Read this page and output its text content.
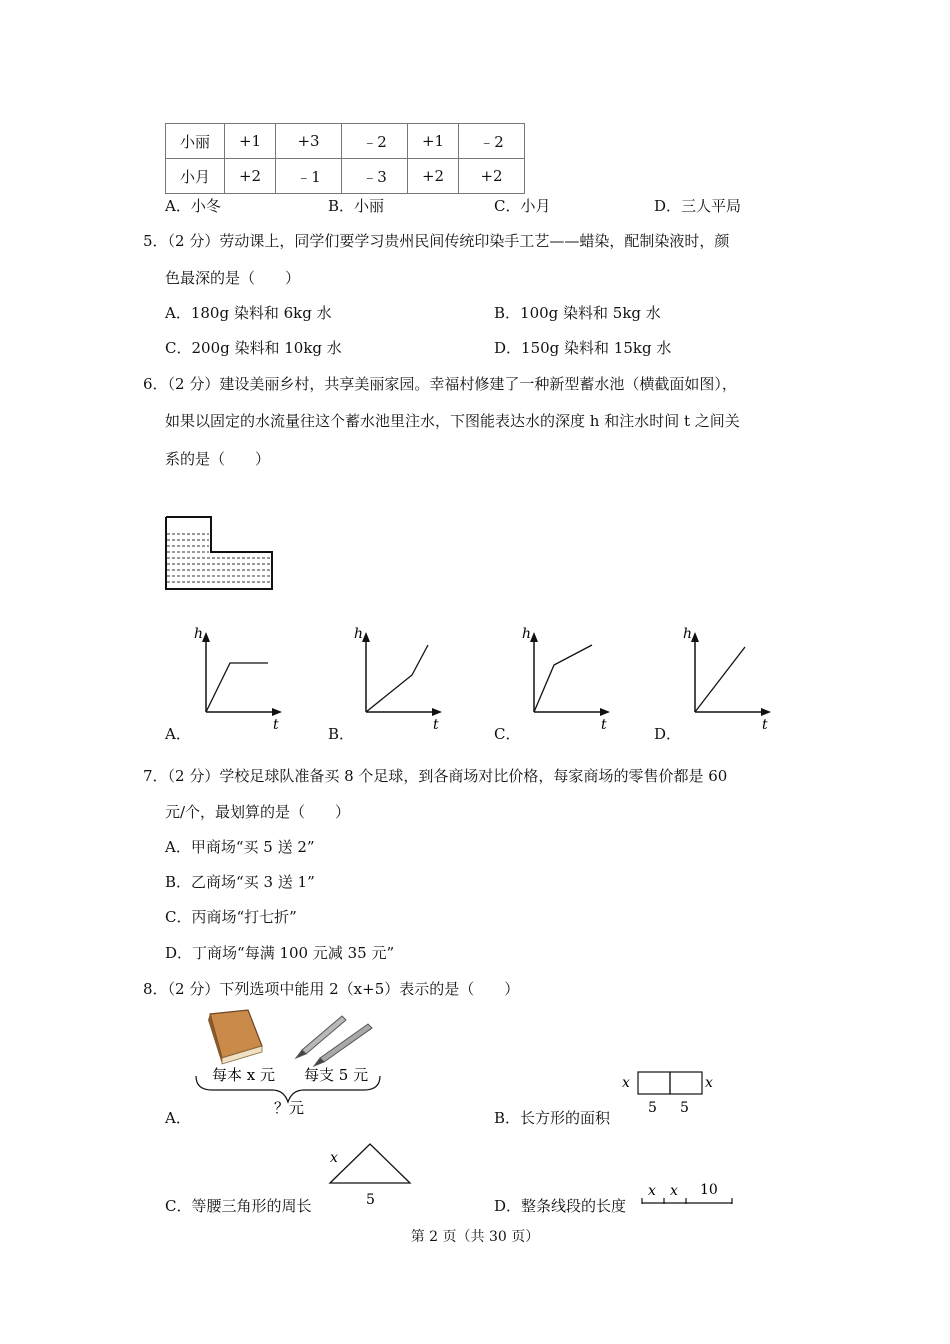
小丽	+1	+3	﹣2	+1	﹣2
小月	+2	﹣1	﹣3	+2	+2
A．小冬	B．小丽	C．小月	D．三人平局
5．（2 分）劳动课上，同学们要学习贵州民间传统印染手工艺——蜡染，配制染液时，颜
色最深的是（　　）
A．180g 染料和 6kg 水	B．100g 染料和 5kg 水
C．200g 染料和 10kg 水	D．150g 染料和 15kg 水
6．（2 分）建设美丽乡村，共享美丽家园。幸福村修建了一种新型蓄水池（横截面如图），
如果以固定的水流量往这个蓄水池里注水，下图能表达水的深度 h 和注水时间 t 之间关
系的是（　　）
h
t
h
t
h
t
h
t
A．	B．	C．	D．
7．（2 分）学校足球队准备买 8 个足球，到各商场对比价格，每家商场的零售价都是 60
元/个，最划算的是（　　）
A．甲商场“买 5 送 2”
B．乙商场“买 3 送 1”
C．丙商场“打七折”
D．丁商场“每满 100 元减 35 元”
8．（2 分）下列选项中能用 2（x+5）表示的是（　　）
每本 x 元 每支 5 元
？元
A．
x	x
5 5
B．长方形的面积
x
5
C．等腰三角形的周长
x x 10
D．整条线段的长度
第 2 页（共 30 页）
